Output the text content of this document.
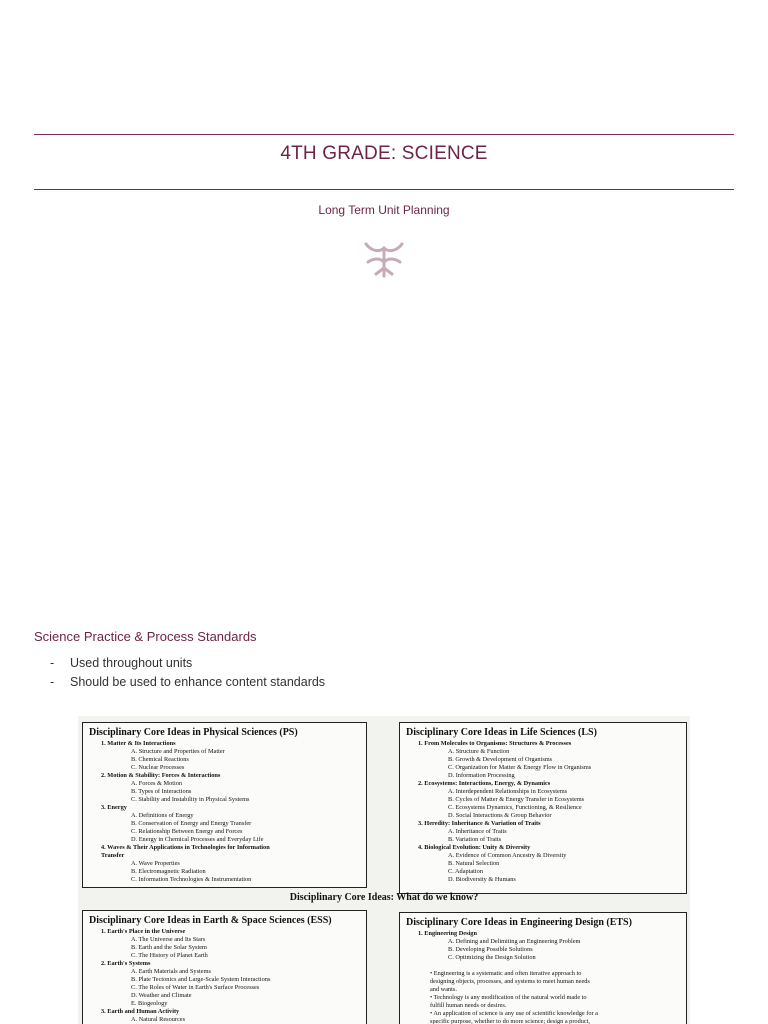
4TH GRADE: SCIENCE
Long Term Unit Planning
Science Practice & Process Standards
- Used throughout units
- Should be used to enhance content standards
Disciplinary Core Ideas in Physical Sciences (PS)
1. Matter & Its Interactions
A. Structure and Properties of Matter
B. Chemical Reactions
C. Nuclear Processes
2. Motion & Stability: Forces & Interactions
A. Forces & Motion
B. Types of Interactions
C. Stability and Instability in Physical Systems
3. Energy
A. Definitions of Energy
B. Conservation of Energy and Energy Transfer
C. Relationship Between Energy and Forces
D. Energy in Chemical Processes and Everyday Life
4. Waves & Their Applications in Technologies for Information
Transfer
A. Wave Properties
B. Electromagnetic Radiation
C. Information Technologies & Instrumentation
Disciplinary Core Ideas in Life Sciences (LS)
1. From Molecules to Organisms: Structures & Processes
A. Structure & Function
B. Growth & Development of Organisms
C. Organization for Matter & Energy Flow in Organisms
D. Information Processing
2. Ecosystems: Interactions, Energy, & Dynamics
A. Interdependent Relationships in Ecosystems
B. Cycles of Matter & Energy Transfer in Ecosystems
C. Ecosystems Dynamics, Functioning, & Resilience
D. Social Interactions & Group Behavior
3. Heredity: Inheritance & Variation of Traits
A. Inheritance of Traits
B. Variation of Traits
4. Biological Evolution: Unity & Diversity
A. Evidence of Common Ancestry & Diversity
B. Natural Selection
C. Adaptation
D. Biodiversity & Humans
Disciplinary Core Ideas: What do we know?
Disciplinary Core Ideas in Earth & Space Sciences (ESS)
1. Earth's Place in the Universe
A. The Universe and Its Stars
B. Earth and the Solar System
C. The History of Planet Earth
2. Earth's Systems
A. Earth Materials and Systems
B. Plate Tectonics and Large-Scale System Interactions
C. The Roles of Water in Earth's Surface Processes
D. Weather and Climate
E. Biogeology
3. Earth and Human Activity
A. Natural Resources
Disciplinary Core Ideas in Engineering Design (ETS)
1. Engineering Design
A. Defining and Delimiting an Engineering Problem
B. Developing Possible Solutions
C. Optimizing the Design Solution

• Engineering is a systematic and often iterative approach to
designing objects, processes, and systems to meet human needs
and wants.
• Technology is any modification of the natural world made to
fulfill human needs or desires.
• An application of science is any use of scientific knowledge for a
specific purpose, whether to do more science; design a product,
